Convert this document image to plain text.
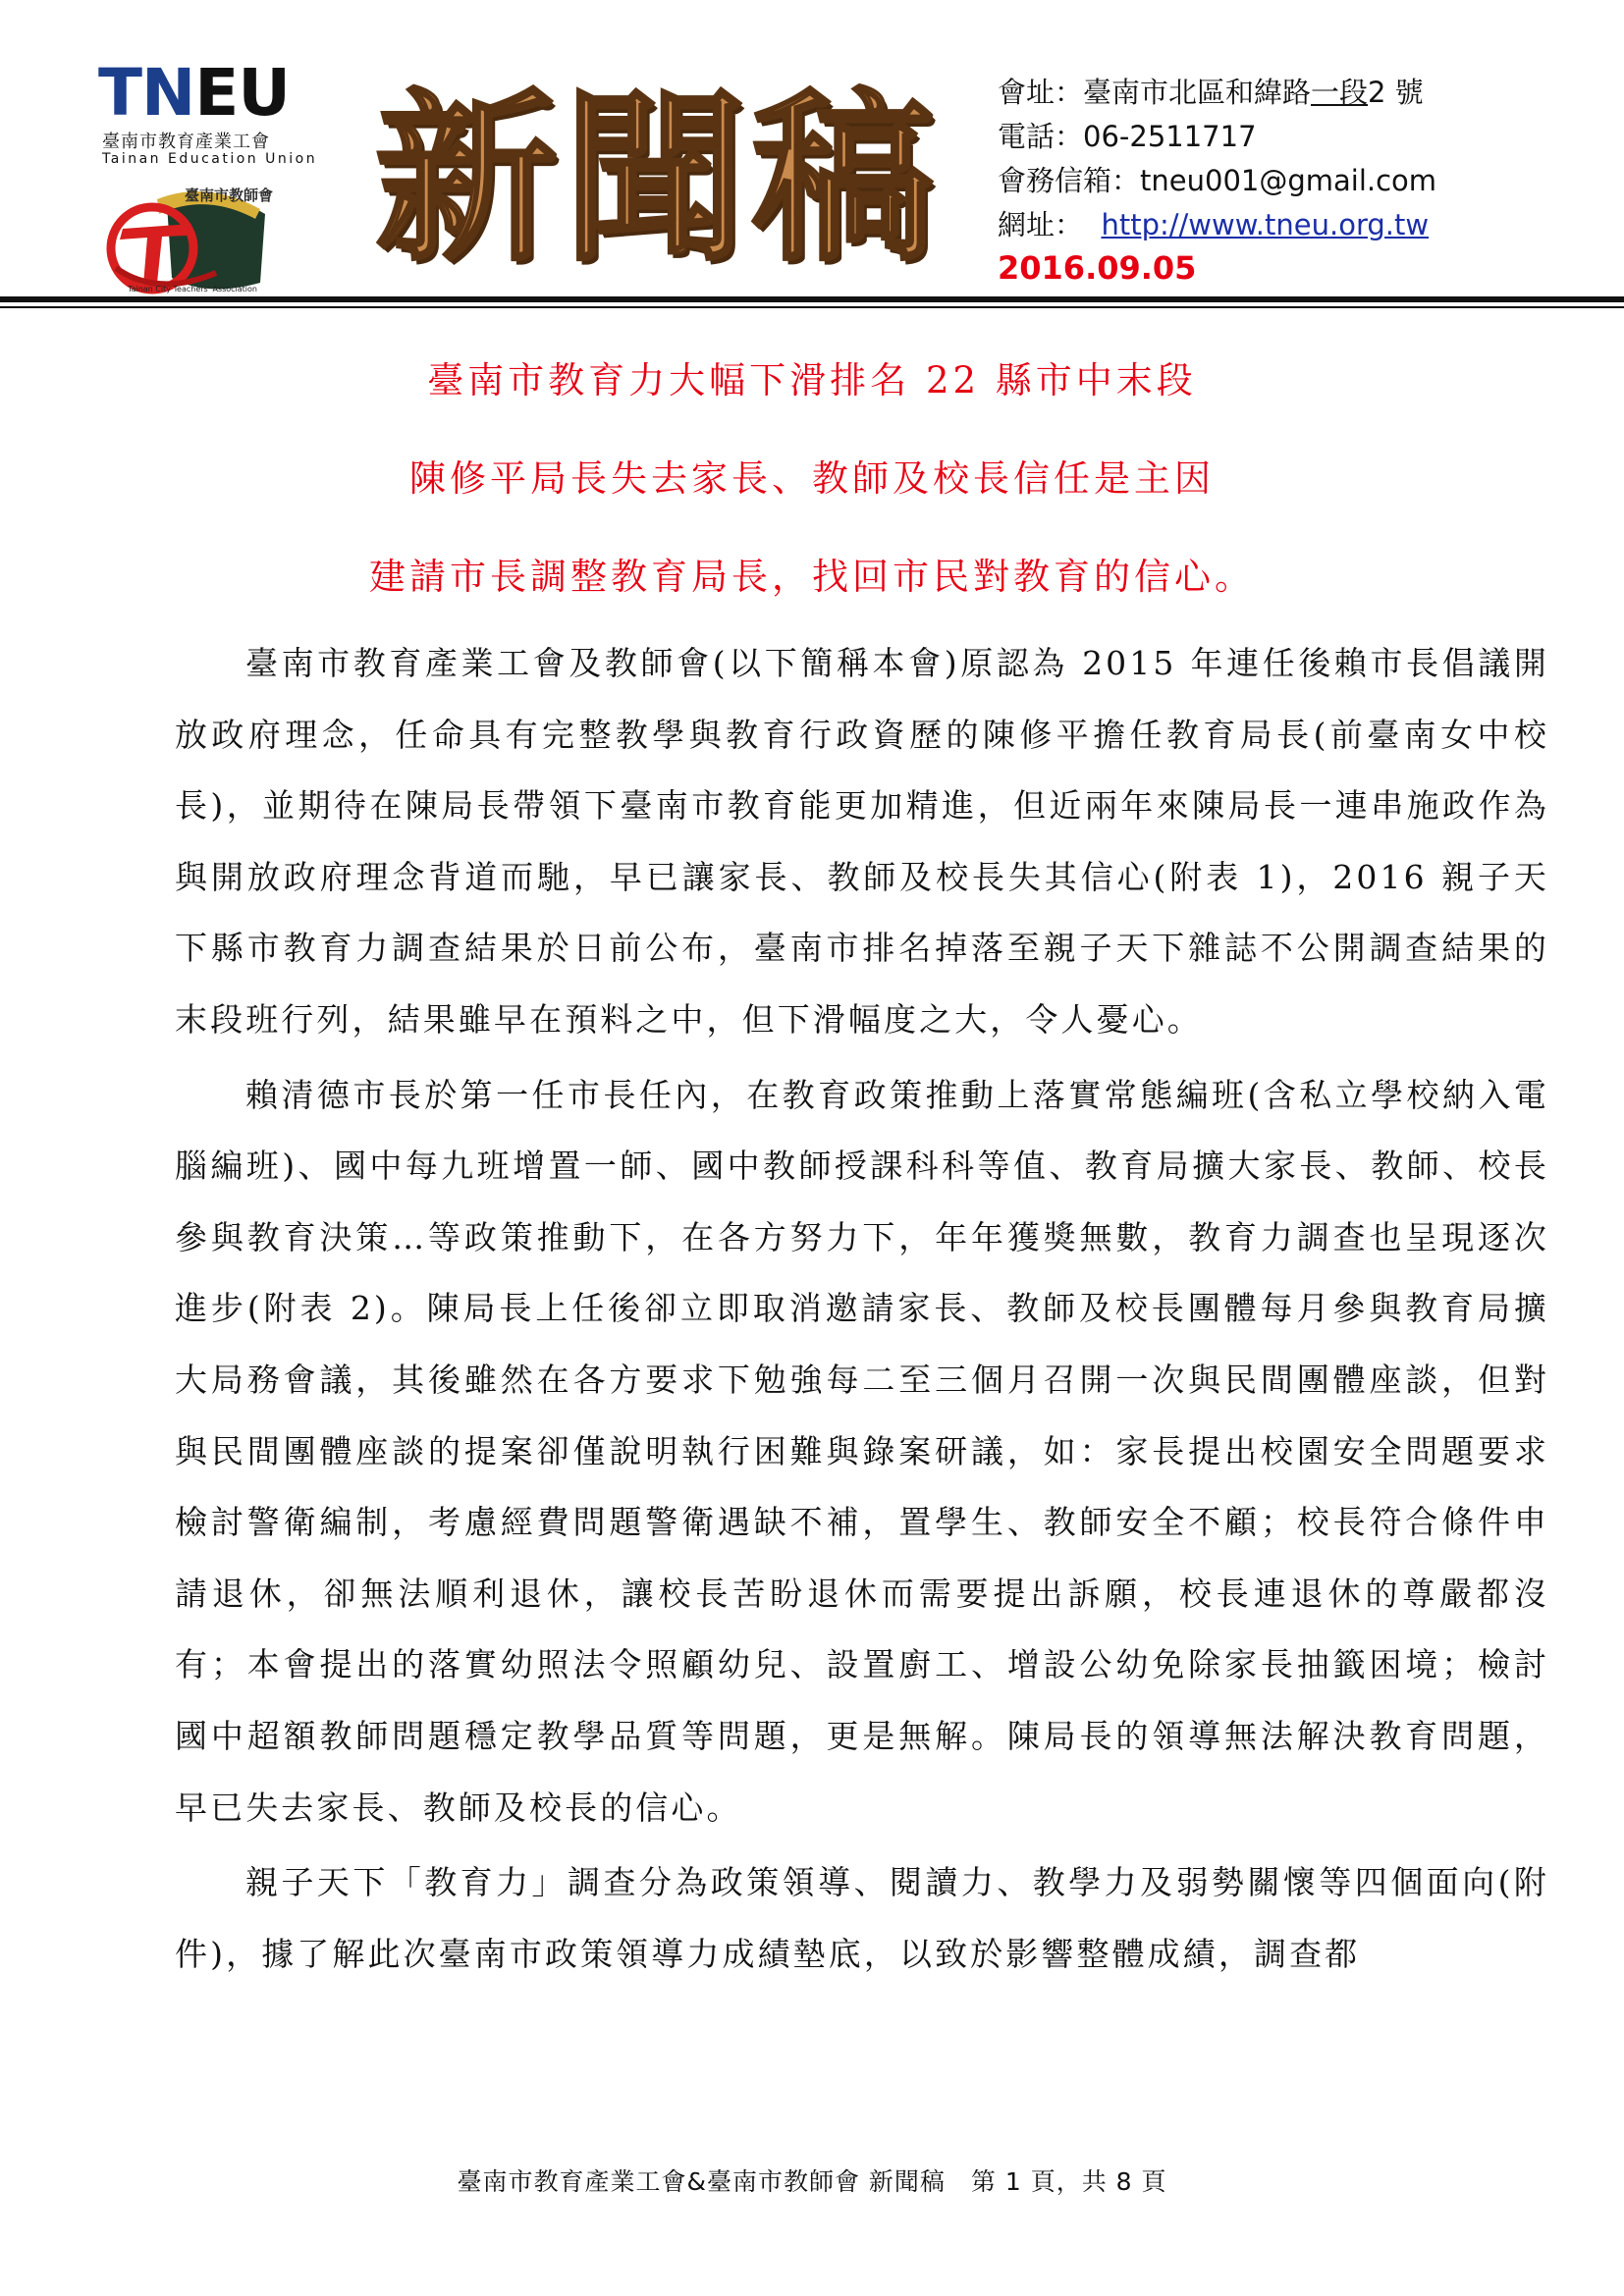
TNEU
臺南市教育產業工會
Tainan Education Union
臺南市教師會
Tainan City Teachers' Association
新聞稿	會址：臺南市北區和緯路一段2 號
電話：06-2511717
會務信箱：tneu001@gmail.com
網址： http://www.tneu.org.tw
2016.09.05
臺南市教育力大幅下滑排名 22 縣市中末段
陳修平局長失去家長、教師及校長信任是主因
建請市長調整教育局長，找回市民對教育的信心。

臺南市教育產業工會及教師會(以下簡稱本會)原認為 2015 年連任後賴市長倡議開放政府理念，任命具有完整教學與教育行政資歷的陳修平擔任教育局長(前臺南女中校長)，並期待在陳局長帶領下臺南市教育能更加精進，但近兩年來陳局長一連串施政作為與開放政府理念背道而馳，早已讓家長、教師及校長失其信心(附表 1)，2016 親子天下縣市教育力調查結果於日前公布，臺南市排名掉落至親子天下雜誌不公開調查結果的末段班行列，結果雖早在預料之中，但下滑幅度之大，令人憂心。

賴清德市長於第一任市長任內，在教育政策推動上落實常態編班(含私立學校納入電腦編班)、國中每九班增置一師、國中教師授課科科等值、教育局擴大家長、教師、校長參與教育決策…等政策推動下，在各方努力下，年年獲獎無數，教育力調查也呈現逐次進步(附表 2)。陳局長上任後卻立即取消邀請家長、教師及校長團體每月參與教育局擴大局務會議，其後雖然在各方要求下勉強每二至三個月召開一次與民間團體座談，但對與民間團體座談的提案卻僅說明執行困難與錄案研議，如：家長提出校園安全問題要求檢討警衛編制，考慮經費問題警衛遇缺不補，置學生、教師安全不顧；校長符合條件申請退休，卻無法順利退休，讓校長苦盼退休而需要提出訴願，校長連退休的尊嚴都沒有；本會提出的落實幼照法令照顧幼兒、設置廚工、增設公幼免除家長抽籤困境；檢討國中超額教師問題穩定教學品質等問題，更是無解。陳局長的領導無法解決教育問題，早已失去家長、教師及校長的信心。

親子天下「教育力」調查分為政策領導、閱讀力、教學力及弱勢關懷等四個面向(附件)，據了解此次臺南市政策領導力成績墊底，以致於影響整體成績，調查都

臺南市教育產業工會&臺南市教師會 新聞稿　第 1 頁，共 8 頁
